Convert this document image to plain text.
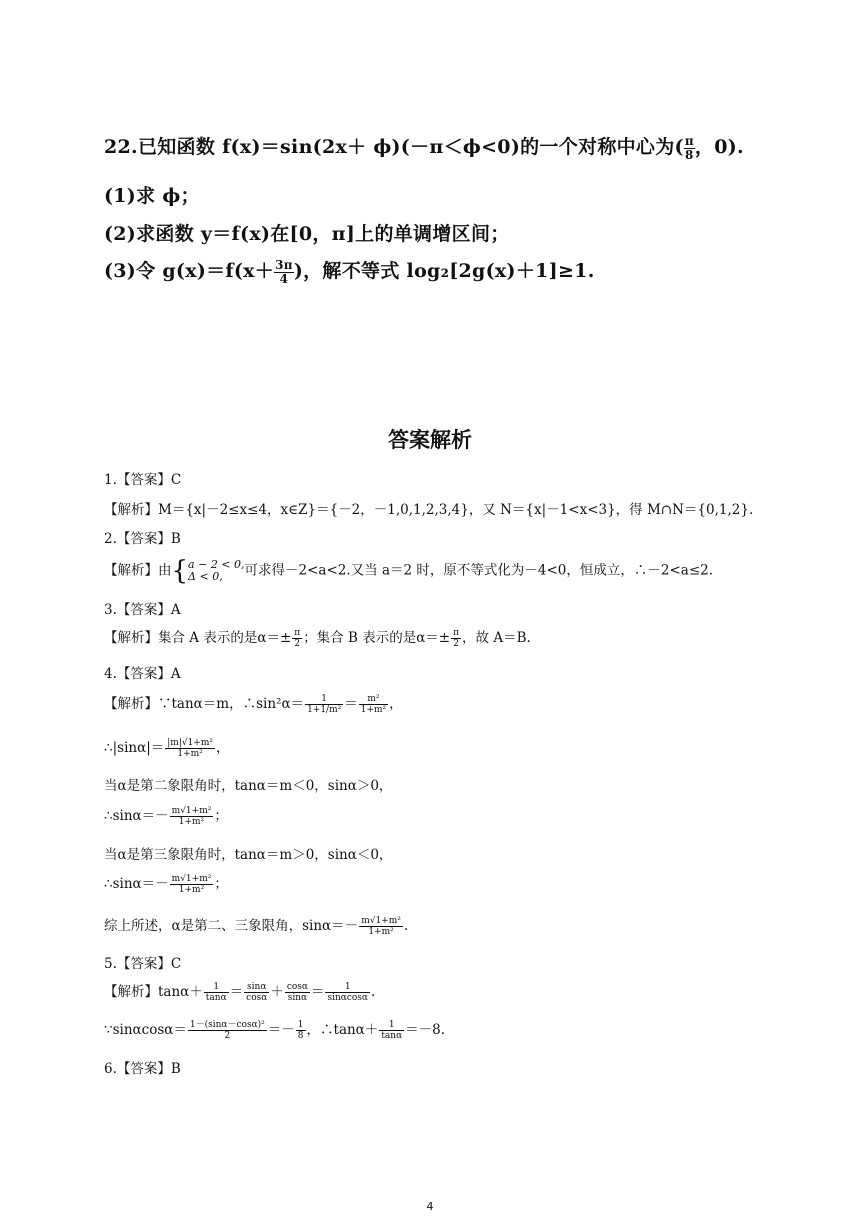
22.已知函数 f(x)＝sin(2x＋ ϕ)(－π＜ϕ<0)的一个对称中心为( $\frac{\pi}{8}$ ，0).
(1)求 ϕ；
(2)求函数 y＝f(x)在[0，π]上的单调增区间；
(3)令 $g(x)=f(x+ \frac{3\pi}{4}$ )，解不等式 log₂[2g(x)＋1]≥1.
答案解析
1.【答案】C
【解析】M＝{x|－2≤x≤4，x∈Z}＝{－2，－1,0,1,2,3,4}，又 N＝{x|－1<x<3}，得 M∩N＝{0,1,2}.
2.【答案】B
【解析】由{ a − 2 < 0,
Δ < 0,	可求得－2<a<2.又当 a＝2 时，原不等式化为－4<0，恒成立，∴－2<a≤2.
3.【答案】A
【解析】集合 A 表示的是$\alpha=\pm \frac{\pi}{2}$ ；集合 B 表示的是$\alpha=\pm \frac{\pi}{2}$ ，故 A＝B.
4.【答案】A
【解析】∵tanα＝m，∴sin²α＝ $\frac{1}{\text{1+1/m²}} = \frac{\text{m²}}{\text{1+m²}}$ ，
∴|sinα|＝ $\frac{\text{|m|√1+m²}}{\text{1+m²}}$ ，
当α是第二象限角时，tanα＝m＜0，sinα＞0，
∴sinα＝－ $\frac{\text{m√1+m²}}{\text{1+m²}}$ ；
当α是第三象限角时，tanα＝m＞0，sinα＜0，
∴sinα＝－ $\frac{\text{m√1+m²}}{\text{1+m²}}$ ；
综上所述，α是第二、三象限角，$\sin\alpha=- \frac{\text{m√1+m²}}{\text{1+m²}}$ .
5.【答案】C
【解析】$\tan\alpha+ \frac{1}{\tan\alpha} = \frac{\sin\alpha}{\cos\alpha} + \frac{\cos\alpha}{\sin\alpha} = \frac{1}{\sin\alpha\cos\alpha}$ .
∵sinαcosα＝ $\frac{\text{1－(sinα－cosα)²}}{2} =- \frac{1}{8}$ ，∴tanα＋ $\frac{1}{\tan\alpha} =-8$.
6.【答案】B
4
